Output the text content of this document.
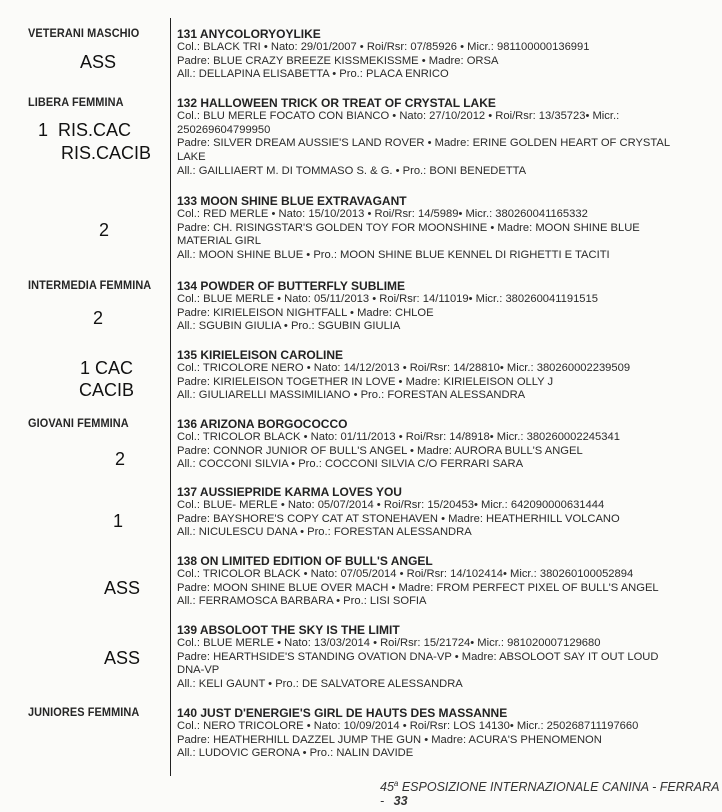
VETERANI MASCHIO
LIBERA FEMMINA
INTERMEDIA FEMMINA
GIOVANI FEMMINA
JUNIORES FEMMINA
ASS
1  RIS.CAC
RIS.CACIB
2
2
1 CAC
CACIB
2
1
ASS
ASS
131 ANYCOLORYOYLIKE
Col.: BLACK TRI • Nato: 29/01/2007 • Roi/Rsr: 07/85926 • Micr.: 981100000136991
Padre: BLUE CRAZY BREEZE KISSMEKISSME • Madre: ORSA
All.: DELLAPINA ELISABETTA • Pro.: PLACA ENRICO
132 HALLOWEEN TRICK OR TREAT OF CRYSTAL LAKE
Col.: BLU MERLE FOCATO CON BIANCO • Nato: 27/10/2012 • Roi/Rsr: 13/35723• Micr.:
250269604799950
Padre: SILVER DREAM AUSSIE'S LAND ROVER • Madre: ERINE GOLDEN HEART OF CRYSTAL
LAKE
All.: GAILLIAERT M. DI TOMMASO S. & G. • Pro.: BONI BENEDETTA
133 MOON SHINE BLUE EXTRAVAGANT
Col.: RED MERLE • Nato: 15/10/2013 • Roi/Rsr: 14/5989• Micr.: 380260041165332
Padre: CH. RISINGSTAR'S GOLDEN TOY FOR MOONSHINE • Madre: MOON SHINE BLUE
MATERIAL GIRL
All.: MOON SHINE BLUE • Pro.: MOON SHINE BLUE KENNEL DI RIGHETTI E TACITI
134 POWDER OF BUTTERFLY SUBLIME
Col.: BLUE MERLE • Nato: 05/11/2013 • Roi/Rsr: 14/11019• Micr.: 380260041191515
Padre: KIRIELEISON NIGHTFALL • Madre: CHLOE
All.: SGUBIN GIULIA • Pro.: SGUBIN GIULIA
135 KIRIELEISON CAROLINE
Col.: TRICOLORE NERO • Nato: 14/12/2013 • Roi/Rsr: 14/28810• Micr.: 380260002239509
Padre: KIRIELEISON TOGETHER IN LOVE • Madre: KIRIELEISON OLLY J
All.: GIULIARELLI MASSIMILIANO • Pro.: FORESTAN ALESSANDRA
136 ARIZONA BORGOCOCCO
Col.: TRICOLOR BLACK • Nato: 01/11/2013 • Roi/Rsr: 14/8918• Micr.: 380260002245341
Padre: CONNOR JUNIOR OF BULL'S ANGEL • Madre: AURORA BULL'S ANGEL
All.: COCCONI SILVIA • Pro.: COCCONI SILVIA C/O FERRARI SARA
137 AUSSIEPRIDE KARMA LOVES YOU
Col.: BLUE- MERLE • Nato: 05/07/2014 • Roi/Rsr: 15/20453• Micr.: 642090000631444
Padre: BAYSHORE'S COPY CAT AT STONEHAVEN • Madre: HEATHERHILL VOLCANO
All.: NICULESCU DANA • Pro.: FORESTAN ALESSANDRA
138 ON LIMITED EDITION OF BULL'S ANGEL
Col.: TRICOLOR BLACK • Nato: 07/05/2014 • Roi/Rsr: 14/102414• Micr.: 380260100052894
Padre: MOON SHINE BLUE OVER MACH • Madre: FROM PERFECT PIXEL OF BULL'S ANGEL
All.: FERRAMOSCA BARBARA • Pro.: LISI SOFIA
139 ABSOLOOT THE SKY IS THE LIMIT
Col.: BLUE MERLE • Nato: 13/03/2014 • Roi/Rsr: 15/21724• Micr.: 981020007129680
Padre: HEARTHSIDE'S STANDING OVATION DNA-VP • Madre: ABSOLOOT SAY IT OUT LOUD
DNA-VP
All.: KELI GAUNT • Pro.: DE SALVATORE ALESSANDRA
140 JUST D'ENERGIE'S GIRL DE HAUTS DES MASSANNE
Col.: NERO TRICOLORE • Nato: 10/09/2014 • Roi/Rsr: LOS 14130• Micr.: 250268711197660
Padre: HEATHERHILL DAZZEL JUMP THE GUN • Madre: ACURA'S PHENOMENON
All.: LUDOVIC GERONA • Pro.: NALIN DAVIDE
45$^a$ ESPOSIZIONE INTERNAZIONALE CANINA - FERRARA - 33
